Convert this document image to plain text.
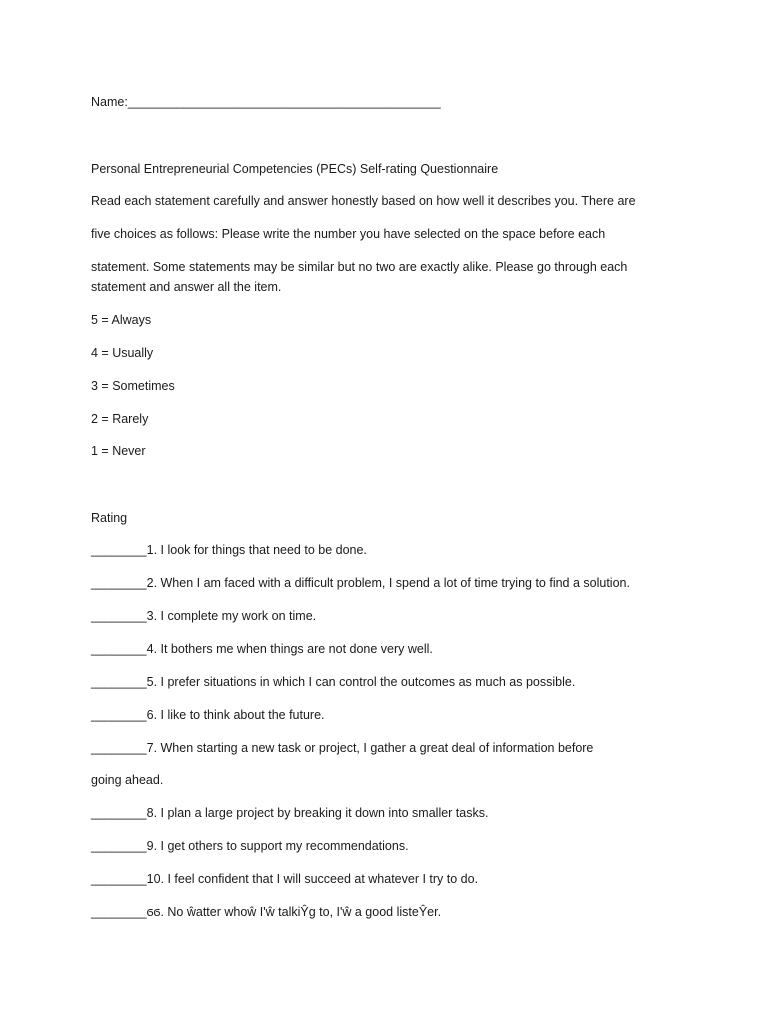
Name:_____________________________________________
Personal Entrepreneurial Competencies (PECs) Self-rating Questionnaire
Read each statement carefully and answer honestly based on how well it describes you. There are
five choices as follows: Please write the number you have selected on the space before each
statement. Some statements may be similar but no two are exactly alike. Please go through each
statement and answer all the item.
5 = Always
4 = Usually
3 = Sometimes
2 = Rarely
1 = Never
Rating
________1. I look for things that need to be done.
________2. When I am faced with a difficult problem, I spend a lot of time trying to find a solution.
________3. I complete my work on time.
________4. It bothers me when things are not done very well.
________5. I prefer situations in which I can control the outcomes as much as possible.
________6. I like to think about the future.
________7. When starting a new task or project, I gather a great deal of information before
going ahead.
________8. I plan a large project by breaking it down into smaller tasks.
________9. I get others to support my recommendations.
________10. I feel confident that I will succeed at whatever I try to do.
________ϭϭ. No ŵatter whoŵ I'ŵ talkiŶg to, I'ŵ a good listeŶer.
